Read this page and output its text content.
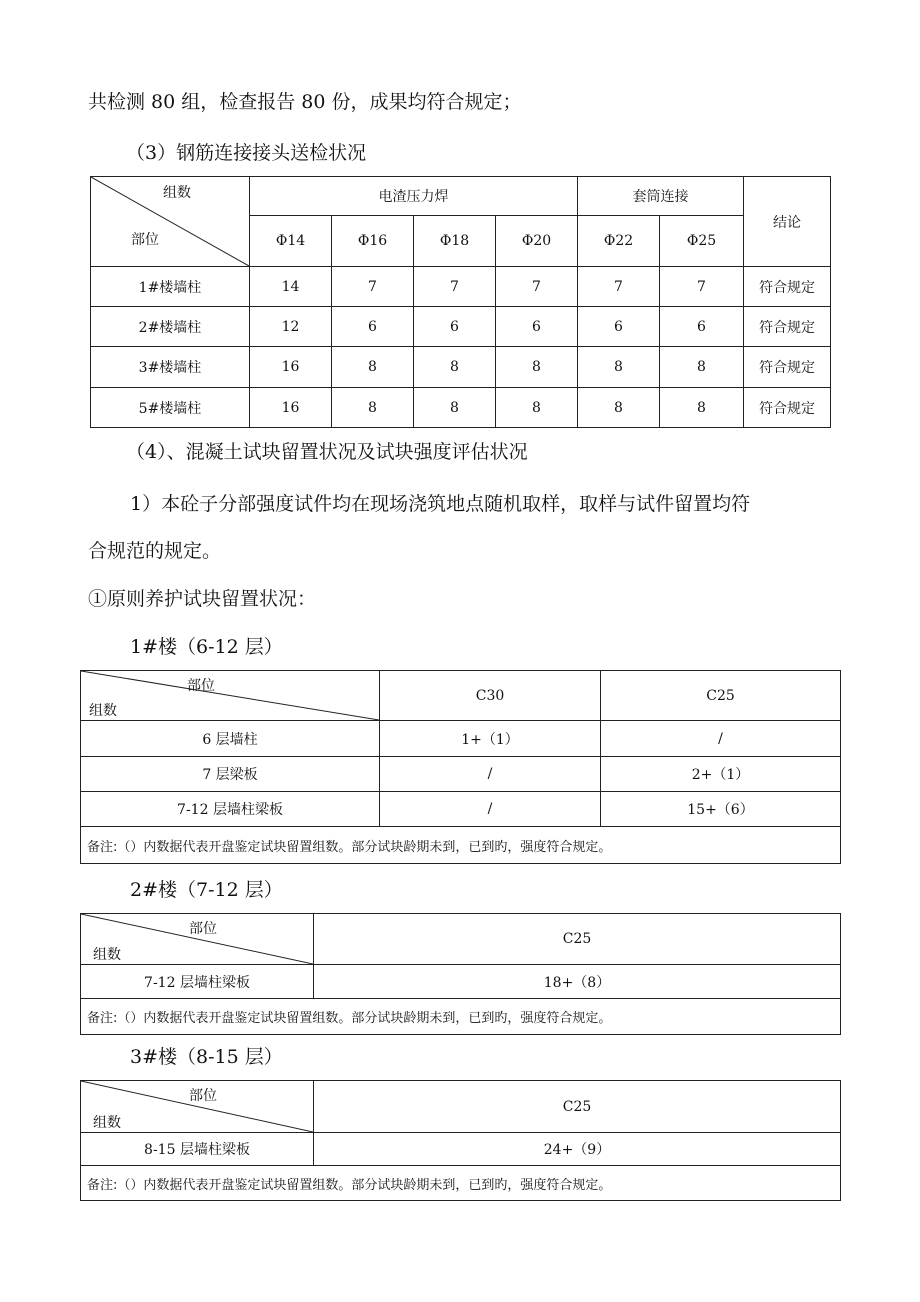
共检测 80 组，检查报告 80 份，成果均符合规定；
（3）钢筋连接接头送检状况
组数
部位	电渣压力焊				套筒连接		结论
	Φ14	Φ16	Φ18	Φ20	Φ22	Φ25	
1#楼墙柱	14	7	7	7	7	7	符合规定
2#楼墙柱	12	6	6	6	6	6	符合规定
3#楼墙柱	16	8	8	8	8	8	符合规定
5#楼墙柱	16	8	8	8	8	8	符合规定
（4）、混凝土试块留置状况及试块强度评估状况
1）本砼子分部强度试件均在现场浇筑地点随机取样，取样与试件留置均符
合规范的规定。
①原则养护试块留置状况：
1#楼（6-12 层）
部位
组数	C30	C25
6 层墙柱	1+（1）	/
7 层梁板	/	2+（1）
7-12 层墙柱梁板	/	15+（6）
备注:（）内数据代表开盘鉴定试块留置组数。部分试块龄期未到，已到旳，强度符合规定。		
2#楼（7-12 层）
部位
组数	C25
7-12 层墙柱梁板	18+（8）
备注:（）内数据代表开盘鉴定试块留置组数。部分试块龄期未到，已到旳，强度符合规定。	
3#楼（8-15 层）
部位
组数	C25
8-15 层墙柱梁板	24+（9）
备注:（）内数据代表开盘鉴定试块留置组数。部分试块龄期未到，已到旳，强度符合规定。	
